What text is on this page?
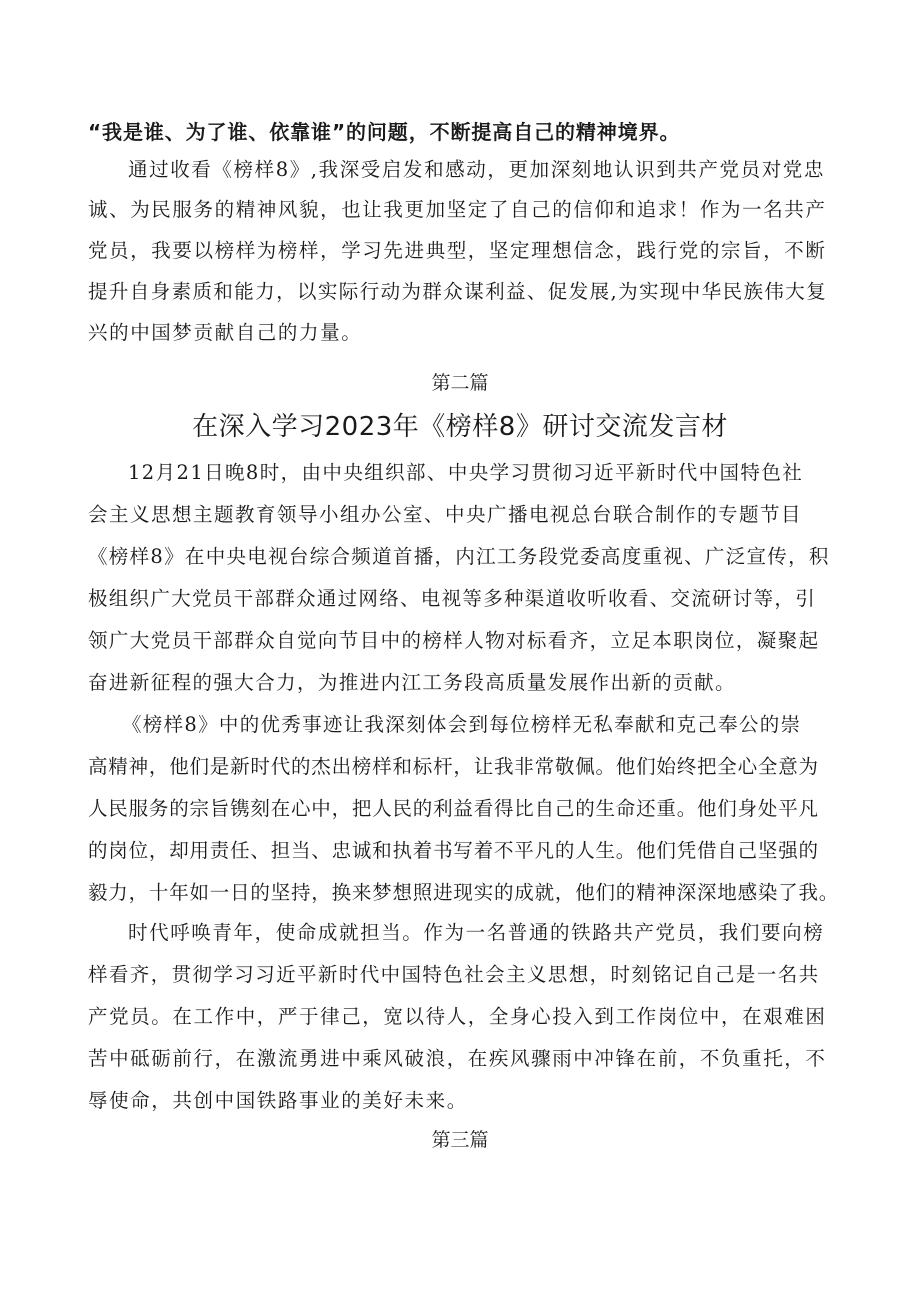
“我是谁、为了谁、依靠谁”的问题，不断提高自己的精神境界。
通过收看《榜样8》,我深受启发和感动，更加深刻地认识到共产党员对党忠
诚、为民服务的精神风貌，也让我更加坚定了自己的信仰和追求！作为一名共产
党员，我要以榜样为榜样，学习先进典型，坚定理想信念，践行党的宗旨，不断
提升自身素质和能力，以实际行动为群众谋利益、促发展,为实现中华民族伟大复
兴的中国梦贡献自己的力量。
第二篇
在深入学习2023年《榜样8》研讨交流发言材
12月21日晚8时，由中央组织部、中央学习贯彻习近平新时代中国特色社
会主义思想主题教育领导小组办公室、中央广播电视总台联合制作的专题节目
《榜样8》在中央电视台综合频道首播，内江工务段党委高度重视、广泛宣传，积
极组织广大党员干部群众通过网络、电视等多种渠道收听收看、交流研讨等，引
领广大党员干部群众自觉向节目中的榜样人物对标看齐，立足本职岗位，凝聚起
奋进新征程的强大合力，为推进内江工务段高质量发展作出新的贡献。
《榜样8》中的优秀事迹让我深刻体会到每位榜样无私奉献和克己奉公的崇
高精神，他们是新时代的杰出榜样和标杆，让我非常敬佩。他们始终把全心全意为
人民服务的宗旨镌刻在心中，把人民的利益看得比自己的生命还重。他们身处平凡
的岗位，却用责任、担当、忠诚和执着书写着不平凡的人生。他们凭借自己坚强的
毅力，十年如一日的坚持，换来梦想照进现实的成就，他们的精神深深地感染了我。
时代呼唤青年，使命成就担当。作为一名普通的铁路共产党员，我们要向榜
样看齐，贯彻学习习近平新时代中国特色社会主义思想，时刻铭记自己是一名共
产党员。在工作中，严于律己，宽以待人，全身心投入到工作岗位中，在艰难困
苦中砥砺前行，在激流勇进中乘风破浪，在疾风骤雨中冲锋在前，不负重托，不
辱使命，共创中国铁路事业的美好未来。
第三篇
